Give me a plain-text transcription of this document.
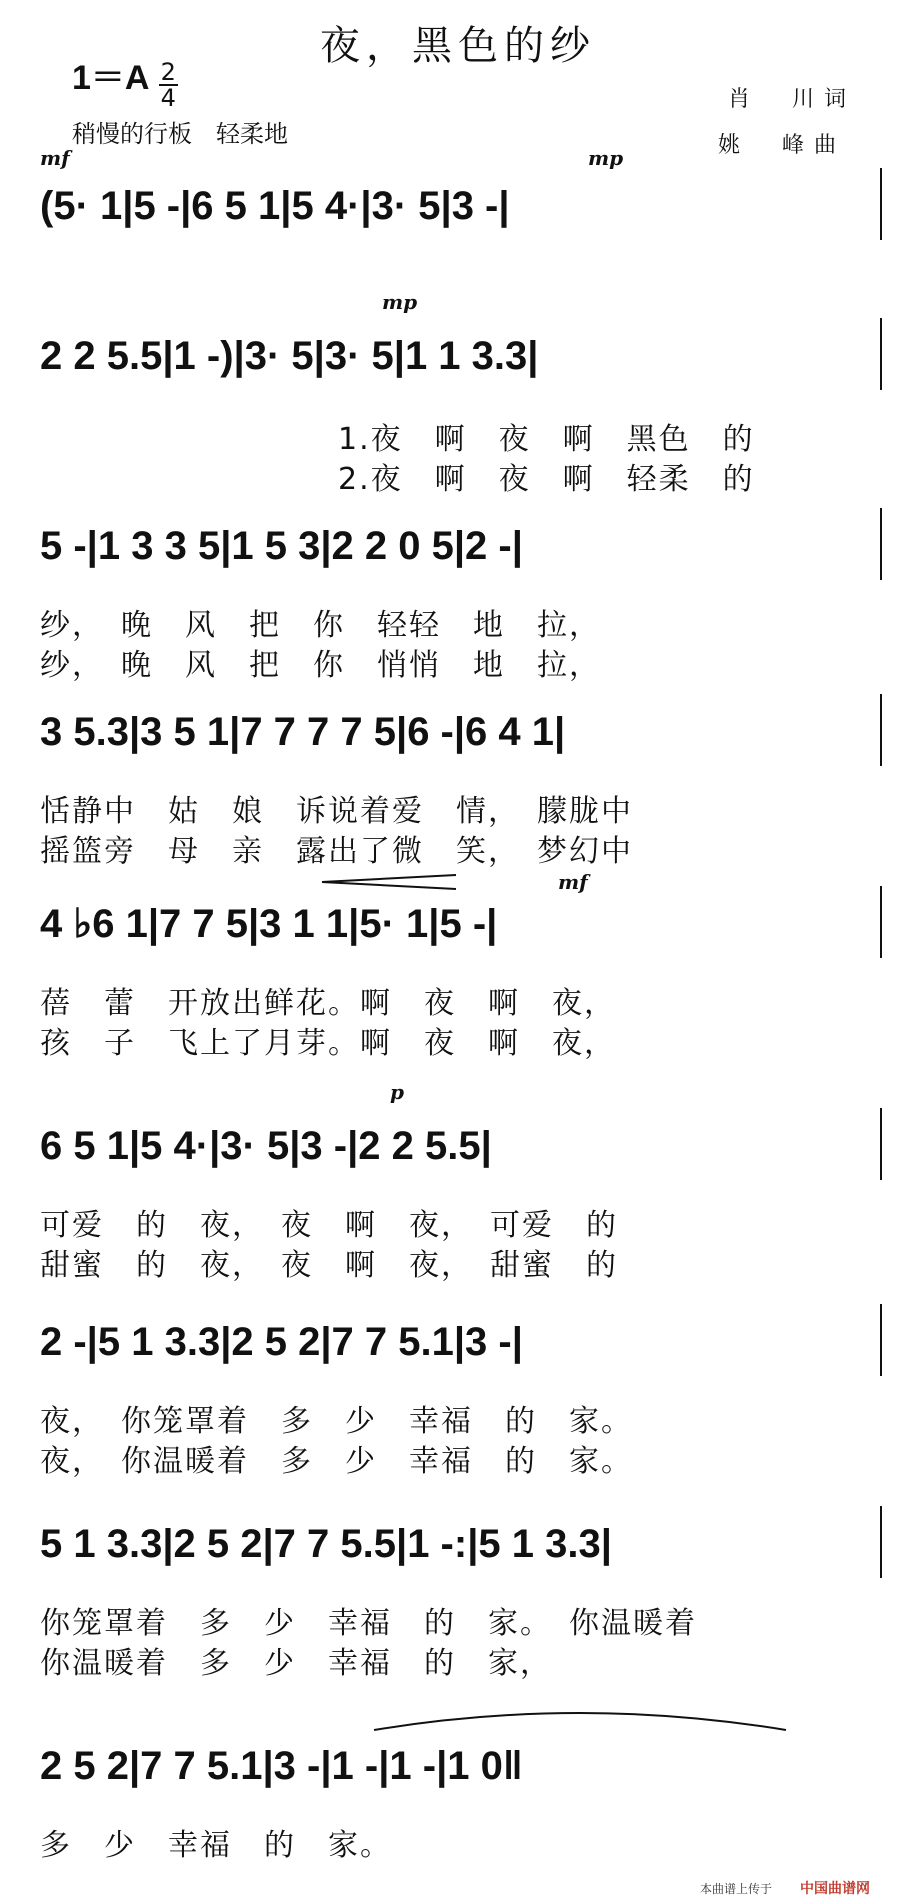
夜，黑色的纱
$1=A \frac{2}{4}$
稍慢的行板　轻柔地
肖　川词
姚　峰曲
mf	mp
(5· 1|5 -|6 5 1|5 4·|3· 5|3 -|
mp
2 2 5.5|1 -)|3· 5|3· 5|1 1 3.3|
1.夜　啊　夜　啊　黑色　的
2.夜　啊　夜　啊　轻柔　的
5 -|1 3 3 5|1 5 3|2 2 0 5|2 -|
纱，　晚　风　把　你　轻轻　地　拉，
纱，　晚　风　把　你　悄悄　地　拉，
3 5.3|3 5 1|7 7 7 7 5|6 -|6 4 1|
恬静中　姑　娘　诉说着爱　情，　朦胧中
摇篮旁　母　亲　露出了微　笑，　梦幻中
mf
4 ♭6 1|7 7 5|3 1 1|5· 1|5 -|
蓓　蕾　开放出鲜花。啊　夜　啊　夜，
孩　子　飞上了月芽。啊　夜　啊　夜，
p
6 5 1|5 4·|3· 5|3 -|2 2 5.5|
可爱　的　夜，　夜　啊　夜，　可爱　的
甜蜜　的　夜，　夜　啊　夜，　甜蜜　的
2 -|5 1 3.3|2 5 2|7 7 5.1|3 -|
夜，　你笼罩着　多　少　幸福　的　家。
夜，　你温暖着　多　少　幸福　的　家。
5 1 3.3|2 5 2|7 7 5.5|1 -:|5 1 3.3|
你笼罩着　多　少　幸福　的　家。　你温暖着
你温暖着　多　少　幸福　的　家，
2 5 2|7 7 5.1|3 -|1 -|1 -|1 0‖
多　少　幸福　的　家。
本曲谱上传于 中国曲谱网
